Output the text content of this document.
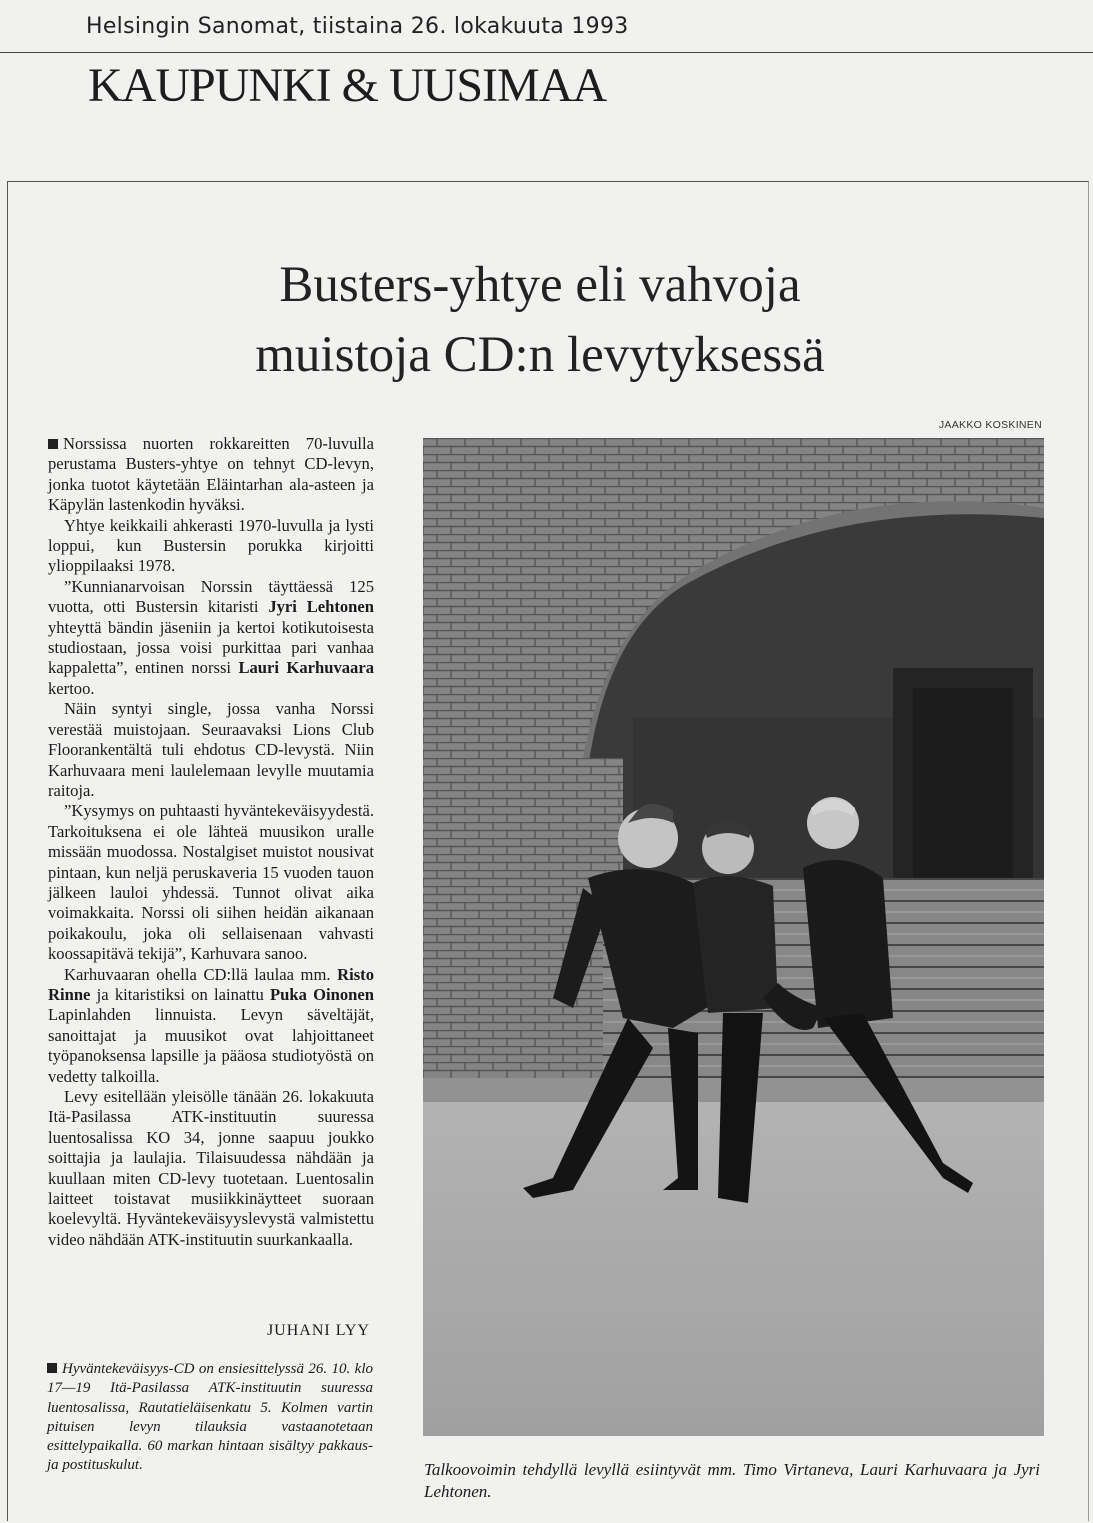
Helsingin Sanomat, tiistaina 26. lokakuuta 1993
KAUPUNKI & UUSIMAA
Busters-yhtye eli vahvoja
muistoja CD:n levytyksessä
JAAKKO KOSKINEN

Norssissa nuorten rokkareitten 70-luvulla perustama Busters-yhtye on tehnyt CD-levyn, jonka tuotot käytetään Eläintarhan ala-asteen ja Käpylän lastenkodin hyväksi.

Yhtye keikkaili ahkerasti 1970-luvulla ja lysti loppui, kun Bustersin porukka kirjoitti ylioppilaaksi 1978.

”Kunnianarvoisan Norssin täyttäessä 125 vuotta, otti Bustersin kitaristi Jyri Lehtonen yhteyttä bändin jäseniin ja kertoi kotikutoisesta studiostaan, jossa voisi purkittaa pari vanhaa kappaletta”, entinen norssi Lauri Karhuvaara kertoo.

Näin syntyi single, jossa vanha Norssi verestää muistojaan. Seuraavaksi Lions Club Floorankentältä tuli ehdotus CD-levystä. Niin Karhuvaara meni laulelemaan levylle muutamia raitoja.

”Kysymys on puhtaasti hyväntekeväisyydestä. Tarkoituksena ei ole lähteä muusikon uralle missään muodossa. Nostalgiset muistot nousivat pintaan, kun neljä peruskaveria 15 vuoden tauon jälkeen lauloi yhdessä. Tunnot olivat aika voimakkaita. Norssi oli siihen heidän aikanaan poikakoulu, joka oli sellaisenaan vahvasti koossapitävä tekijä”, Karhuvara sanoo.

Karhuvaaran ohella CD:llä laulaa mm. Risto Rinne ja kitaristiksi on lainattu Puka Oinonen Lapinlahden linnuista. Levyn säveltäjät, sanoittajat ja muusikot ovat lahjoittaneet työpanoksensa lapsille ja pääosa studiotyöstä on vedetty talkoilla.

Levy esitellään yleisölle tänään 26. lokakuuta Itä-Pasilassa ATK-instituutin suuressa luentosalissa KO 34, jonne saapuu joukko soittajia ja laulajia. Tilaisuudessa nähdään ja kuullaan miten CD-levy tuotetaan. Luentosalin laitteet toistavat musiikkinäytteet suoraan koelevyltä. Hyväntekeväisyyslevystä valmistettu video nähdään ATK-instituutin suurkankaalla.

JUHANI LYY
Hyväntekeväisyys-CD on ensiesittelyssä 26. 10. klo 17—19 Itä-Pasilassa ATK-instituutin suuressa luentosalissa, Rautatieläisenkatu 5. Kolmen vartin pituisen levyn tilauksia vastaanotetaan esittelypaikalla. 60 markan hintaan sisältyy pakkaus- ja postituskulut.	Talkoovoimin tehdyllä levyllä esiintyvät mm. Timo Virtaneva, Lauri Karhuvaara ja Jyri Lehtonen.
